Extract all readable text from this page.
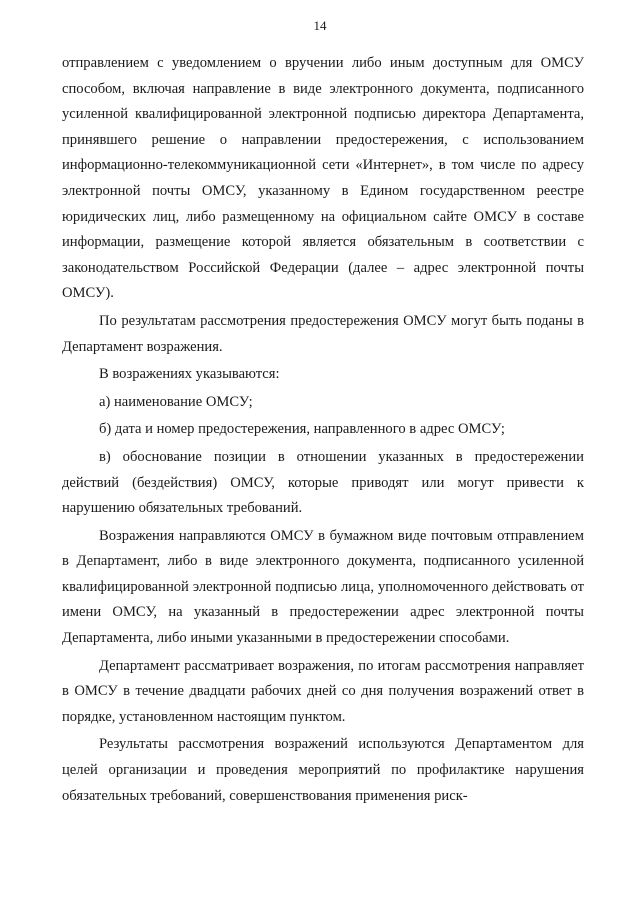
14

отправлением с уведомлением о вручении либо иным доступным для ОМСУ способом, включая направление в виде электронного документа, подписанного усиленной квалифицированной электронной подписью директора Департамента, принявшего решение о направлении предостережения, с использованием информационно-телекоммуникационной сети «Интернет», в том числе по адресу электронной почты ОМСУ, указанному в Едином государственном реестре юридических лиц, либо размещенному на официальном сайте ОМСУ в составе информации, размещение которой является обязательным в соответствии с законодательством Российской Федерации (далее – адрес электронной почты ОМСУ).

По результатам рассмотрения предостережения ОМСУ могут быть поданы в Департамент возражения.

В возражениях указываются:

а) наименование ОМСУ;

б) дата и номер предостережения, направленного в адрес ОМСУ;

в) обоснование позиции в отношении указанных в предостережении действий (бездействия) ОМСУ, которые приводят или могут привести к нарушению обязательных требований.

Возражения направляются ОМСУ в бумажном виде почтовым отправлением в Департамент, либо в виде электронного документа, подписанного усиленной квалифицированной электронной подписью лица, уполномоченного действовать от имени ОМСУ, на указанный в предостережении адрес электронной почты Департамента, либо иными указанными в предостережении способами.

Департамент рассматривает возражения, по итогам рассмотрения направляет в ОМСУ в течение двадцати рабочих дней со дня получения возражений ответ в порядке, установленном настоящим пунктом.

Результаты рассмотрения возражений используются Департаментом для целей организации и проведения мероприятий по профилактике нарушения обязательных требований, совершенствования применения риск-
